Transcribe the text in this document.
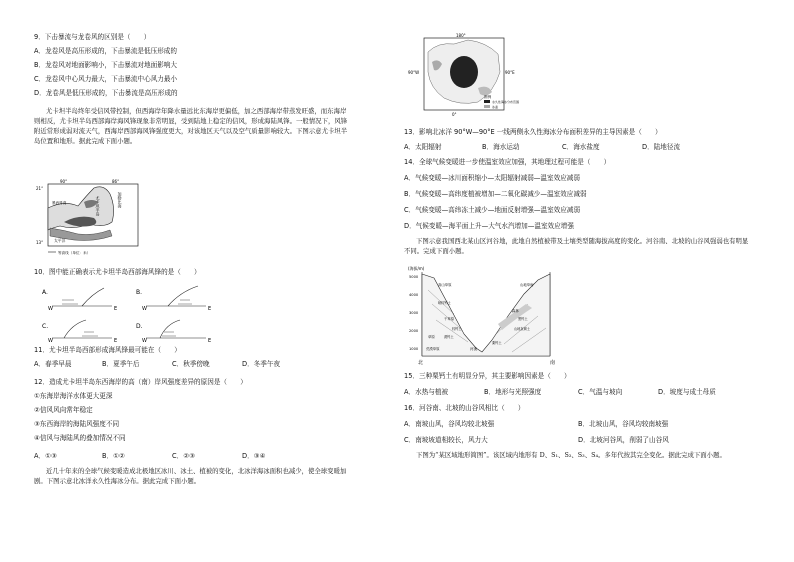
9．下击暴流与龙卷风的区别是（　　）
A．龙卷风是高压形成的，下击暴流是低压形成的
B．龙卷风对地面影响小，下击暴流对地面影响大
C．龙卷风中心风力最大，下击暴流中心风力最小
D．龙卷风是低压形成的，下击暴流是高压形成的
尤卡坦半岛终年受信风带控制，但西海岸年降水量远比东海岸更偏低，加之西部海岸带蒸发旺盛，而东海岸则相反，尤卡坦半岛西部海岸海风锋现象非常明显，受到陆地上稳定的信风，形成海陆风锋。一般情况下，风锋附近常形成弱对流天气，西海岸西部海风锋强度更大，对该地区天气以及空气质量影响较大。下图示意尤卡坦半岛位置和地形。据此完成下面小题。
90°	86°
21°
13°
尤卡坦半岛	加勒比海
墨西哥湾
太平洋
等高线（单位：米）
10．图中能正确表示尤卡坦半岛西部海风锋的是（　　）
A.
W	E
B.
W	E
C.
W	E
D.
W	E
11．尤卡坦半岛西部形成海风锋最可能在（　　）
A．春季早晨	B．夏季午后	C．秋季傍晚	D．冬季午夜
12．造成尤卡坦半岛东西海岸的高（南）岸风强度差异的原因是（　　）
①东海岸海洋水体更大更深
②信风风向常年稳定
③东西海岸的海陆风强度不同
④信风与海陆风的叠加情况不同
A．①③	B．①②	C．②③	D．③④
近几十年来的全球气候变暖造成北极地区冰川、冰土、植被的变化，北冰洋海冰面积也减少，使全球变暖加剧。下图示意北冰洋永久性海冰分布。据此完成下面小题。
180°
90°W	90°E
0°
图例
永久性海冰分布范围
冰盖
13．影响北冰洋 90°W—90°E 一线两侧永久性海冰分布面积差异的主导因素是（　　）
A．太阳辐射	B．海水运动	C．海水盐度	D．陆地径流
14．全球气候变暖进一步使温室效应加强，其地理过程可能是（　　）
A．气候变暖—冰川面积缩小—太阳辐射减弱—温室效应减弱
B．气候变暖—高纬度植被增加—二氧化碳减少—温室效应减弱
C．气候变暖—高纬冻土减少—地面反射增强—温室效应减弱
D．气候变暖—海平面上升—大气水汽增加—温室效应增强
下图示意我国西北某山区河谷地，此地自然植被带及土壤类型随海拔高度的变化。河谷南、北坡的山谷风强弱也有明显不同。完成下面小题。
(海拔/m)
5000
4000
3000
2000
1000	河流
山地草甸
高山草原
森林
荒漠草原
干草原
草原	漠钙土
栗钙土
山地灰褐土
黑钙土
棕钙土
暗棕钙土
北	南
15．三种栗钙土有明显分异，其主要影响因素是（　　）
A．水热与植被	B．地形与光照强度	C．气温与坡向	D．坡度与成土母质
16．河谷南、北坡的山谷风相比（　　）
A．南坡山风，谷风均较北坡强	B．北坡山风，谷风均较南坡强
C．南坡坡道相较长，风力大	D．北坡河谷风，削弱了山谷风
下图为“某区域地形简图”。该区域内地形有 D、S₁、S₂、S₃、S₄。多年代按其完全变化。据此完成下面小题。
